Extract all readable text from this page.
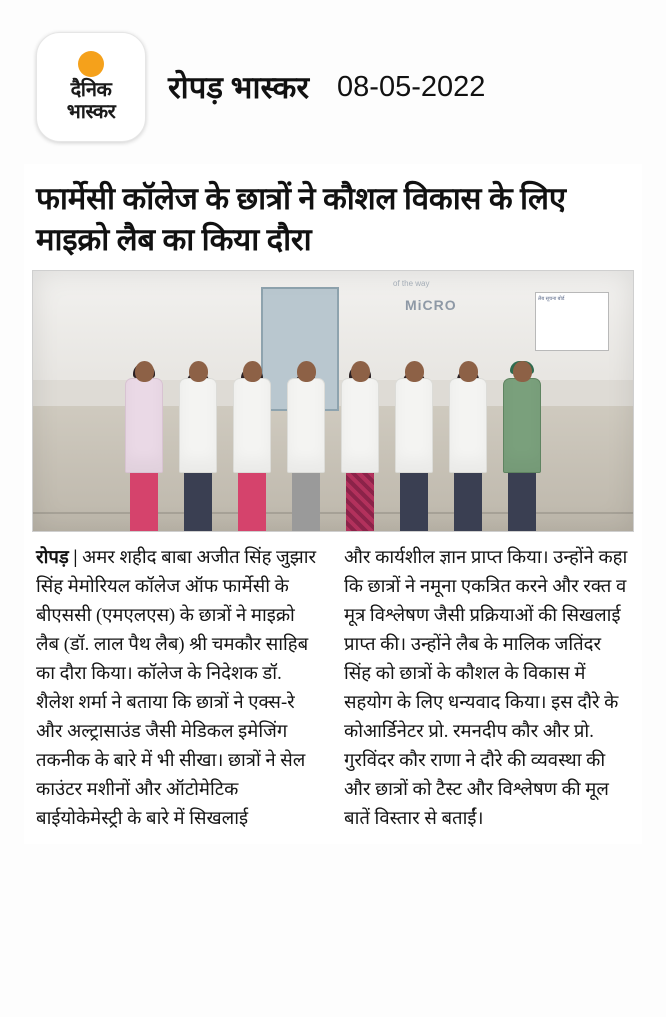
दैनिक
भास्कर
रोपड़ भास्कर 08-05-2022
फार्मेसी कॉलेज के छात्रों ने कौशल विकास के लिए माइक्रो लैब का किया दौरा
of the way
MiCRO	लैब सूचना बोर्ड
रोपड़ | अमर शहीद बाबा अजीत सिंह जुझार सिंह मेमोरियल कॉलेज ऑफ फार्मेसी के बीएससी (एमएलएस) के छात्रों ने माइक्रो लैब (डॉ. लाल पैथ लैब) श्री चमकौर साहिब का दौरा किया। कॉलेज के निदेशक डॉ. शैलेश शर्मा ने बताया कि छात्रों ने एक्स-रे और अल्ट्रासाउंड जैसी मेडिकल इमेजिंग तकनीक के बारे में भी सीखा। छात्रों ने सेल काउंटर मशीनों और ऑटोमेटिक बाईयोकेमेस्ट्री के बारे में सिखलाई
और कार्यशील ज्ञान प्राप्त किया। उन्होंने कहा कि छात्रों ने नमूना एकत्रित करने और रक्त व मूत्र विश्लेषण जैसी प्रक्रियाओं की सिखलाई प्राप्त की। उन्होंने लैब के मालिक जतिंदर सिंह को छात्रों के कौशल के विकास में सहयोग के लिए धन्यवाद किया। इस दौरे के कोआर्डिनेटर प्रो. रमनदीप कौर और प्रो. गुरविंदर कौर राणा ने दौरे की व्यवस्था की और छात्रों को टैस्ट और विश्लेषण की मूल बातें विस्तार से बताईं।
